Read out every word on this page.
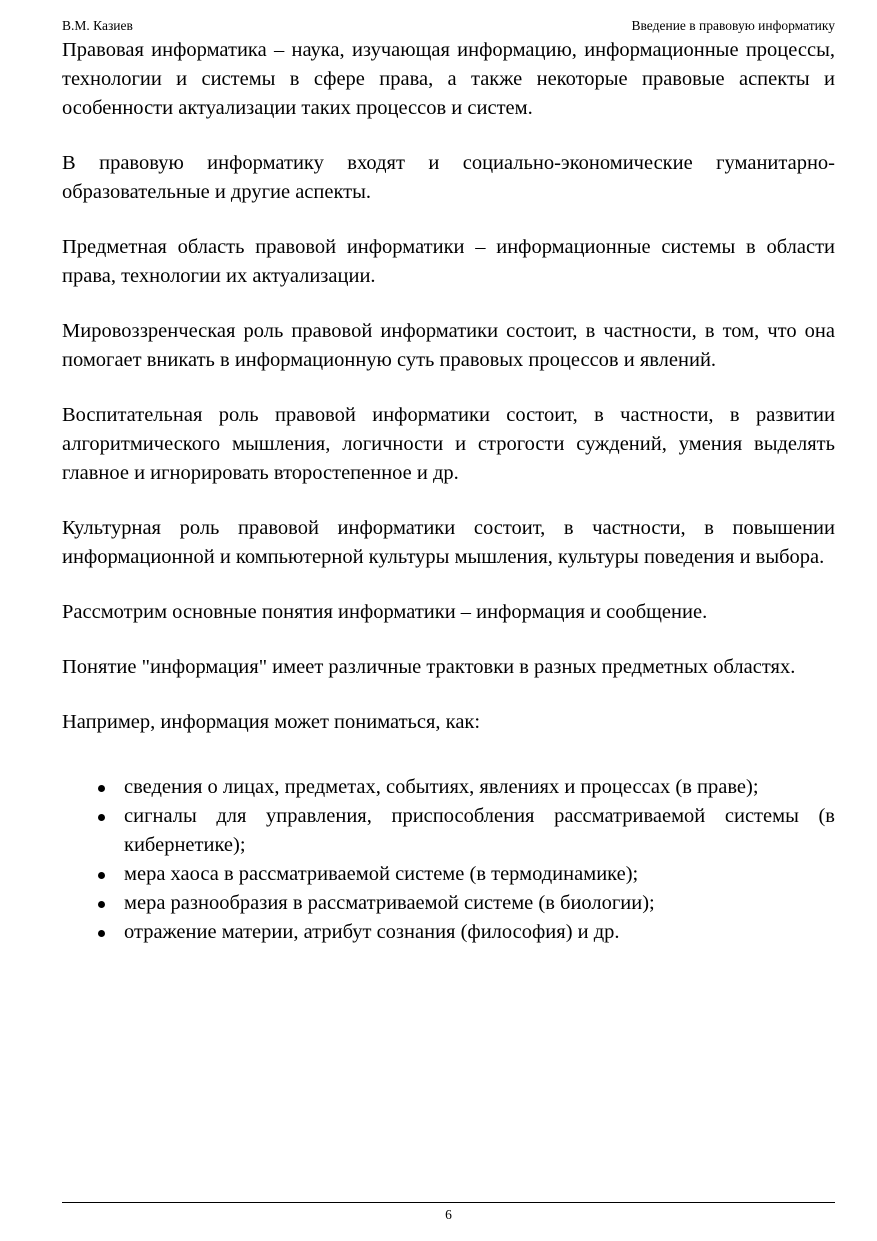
В.М. Казиев	Введение в правовую информатику

Правовая информатика – наука, изучающая информацию, информационные процессы, технологии и системы в сфере права, а также некоторые правовые аспекты и особенности актуализации таких процессов и систем.

В правовую информатику входят и социально-экономические гуманитарно-образовательные и другие аспекты.

Предметная область правовой информатики – информационные системы в области права, технологии их актуализации.

Мировоззренческая роль правовой информатики состоит, в частности, в том, что она помогает вникать в информационную суть правовых процессов и явлений.

Воспитательная роль правовой информатики состоит, в частности, в развитии алгоритмического мышления, логичности и строгости суждений, умения выделять главное и игнорировать второстепенное и др.

Культурная роль правовой информатики состоит, в частности, в повышении информационной и компьютерной культуры мышления, культуры поведения и выбора.

Рассмотрим основные понятия информатики – информация и сообщение.

Понятие "информация" имеет различные трактовки в разных предметных областях.

Например, информация может пониматься, как:

сведения о лицах, предметах, событиях, явлениях и процессах (в праве);
сигналы для управления, приспособления рассматриваемой системы (в кибернетике);
мера хаоса в рассматриваемой системе (в термодинамике);
мера разнообразия в рассматриваемой системе (в биологии);
отражение материи, атрибут сознания (философия) и др.
6
